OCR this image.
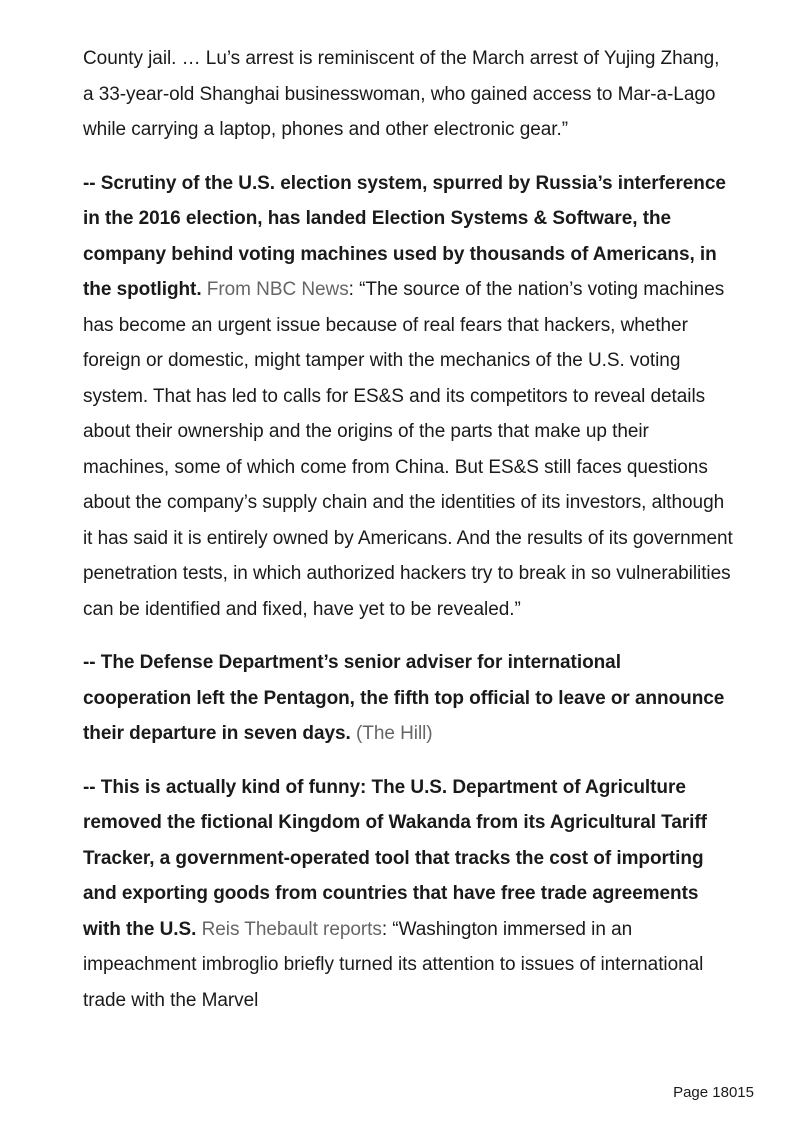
County jail. … Lu’s arrest is reminiscent of the March arrest of Yujing Zhang, a 33-year-old Shanghai businesswoman, who gained access to Mar-a-Lago while carrying a laptop, phones and other electronic gear.”

-- Scrutiny of the U.S. election system, spurred by Russia’s interference in the 2016 election, has landed Election Systems & Software, the company behind voting machines used by thousands of Americans, in the spotlight. From NBC News: “The source of the nation’s voting machines has become an urgent issue because of real fears that hackers, whether foreign or domestic, might tamper with the mechanics of the U.S. voting system. That has led to calls for ES&S and its competitors to reveal details about their ownership and the origins of the parts that make up their machines, some of which come from China. But ES&S still faces questions about the company’s supply chain and the identities of its investors, although it has said it is entirely owned by Americans. And the results of its government penetration tests, in which authorized hackers try to break in so vulnerabilities can be identified and fixed, have yet to be revealed.”

-- The Defense Department’s senior adviser for international cooperation left the Pentagon, the fifth top official to leave or announce their departure in seven days. (The Hill)

-- This is actually kind of funny: The U.S. Department of Agriculture removed the fictional Kingdom of Wakanda from its Agricultural Tariff Tracker, a government-operated tool that tracks the cost of importing and exporting goods from countries that have free trade agreements with the U.S. Reis Thebault reports: “Washington immersed in an impeachment imbroglio briefly turned its attention to issues of international trade with the Marvel

Page 18015
